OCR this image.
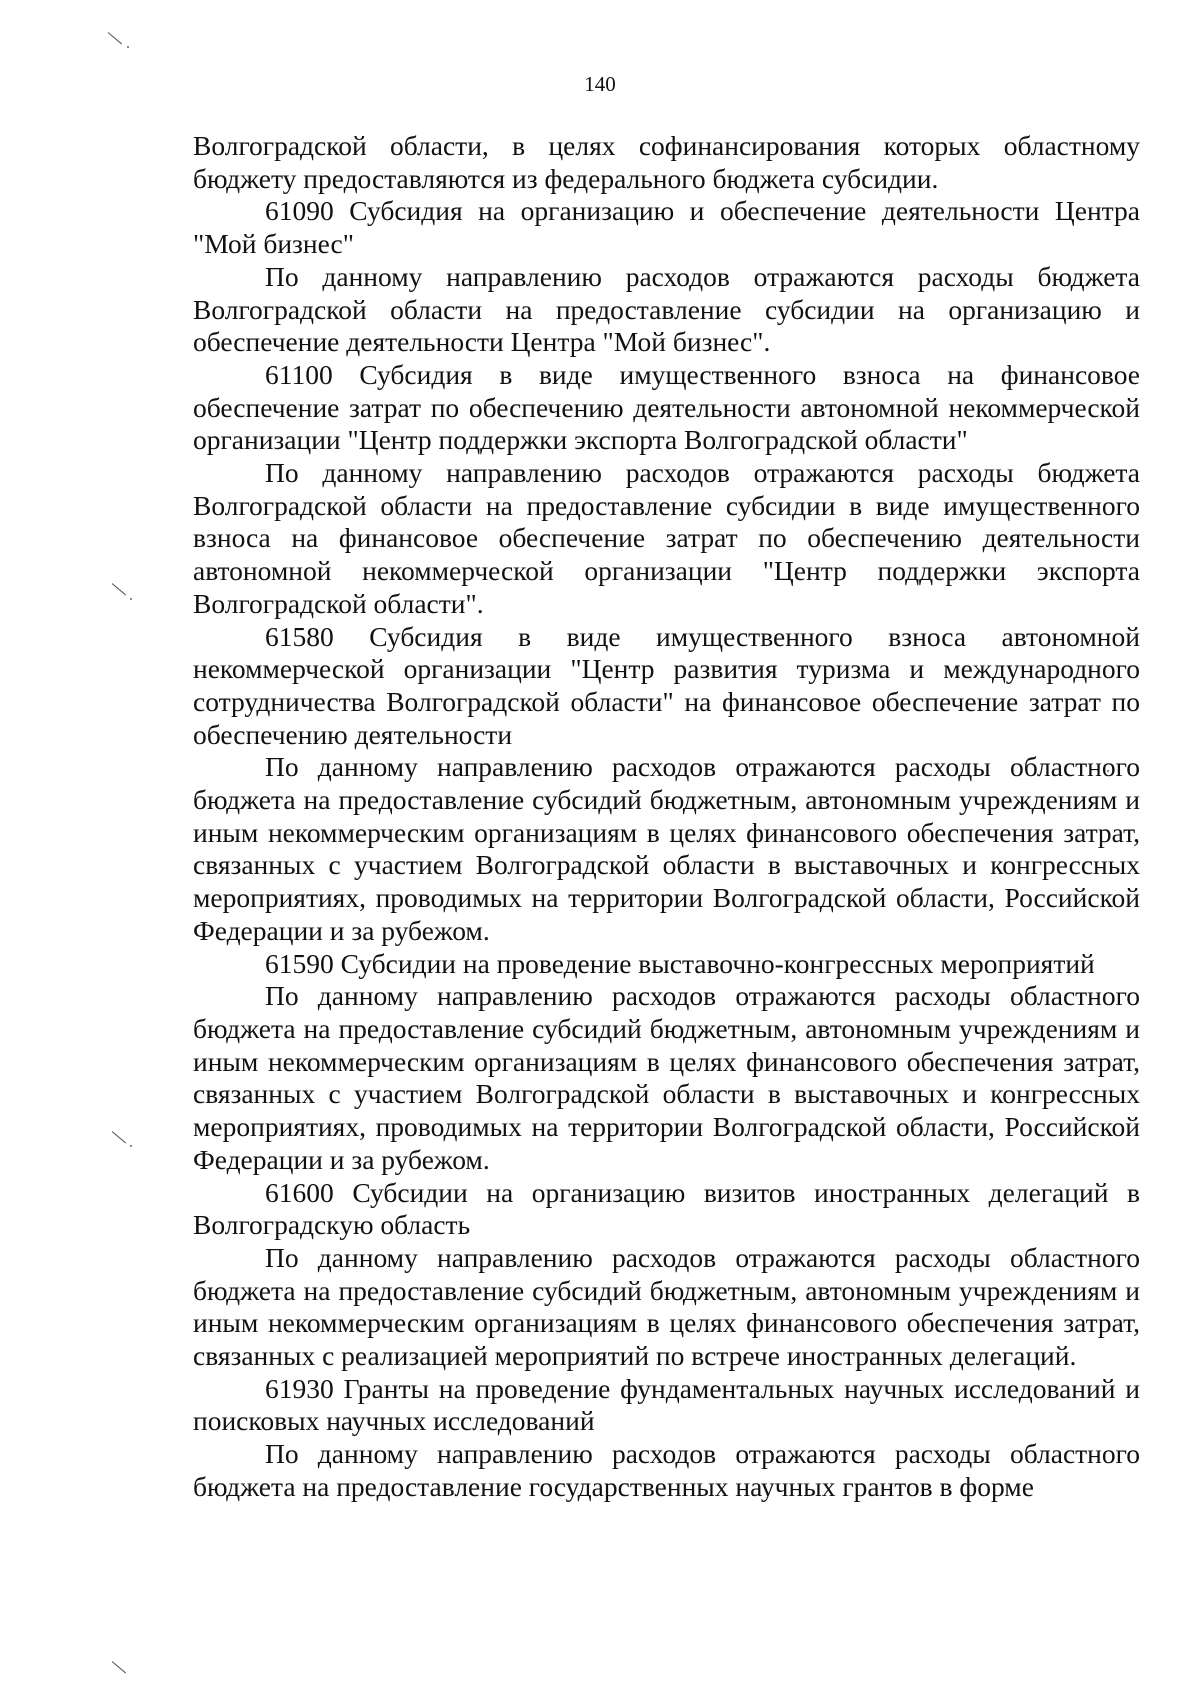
140

Волгоградской области, в целях софинансирования которых областному бюджету предоставляются из федерального бюджета субсидии.

61090 Субсидия на организацию и обеспечение деятельности Центра "Мой бизнес"

По данному направлению расходов отражаются расходы бюджета Волгоградской области на предоставление субсидии на организацию и обеспечение деятельности Центра "Мой бизнес".

61100 Субсидия в виде имущественного взноса на финансовое обеспечение затрат по обеспечению деятельности автономной некоммерческой организации "Центр поддержки экспорта Волгоградской области"

По данному направлению расходов отражаются расходы бюджета Волгоградской области на предоставление субсидии в виде имущественного взноса на финансовое обеспечение затрат по обеспечению деятельности автономной некоммерческой организации "Центр поддержки экспорта Волгоградской области".

61580 Субсидия в виде имущественного взноса автономной некоммерческой организации "Центр развития туризма и международного сотрудничества Волгоградской области" на финансовое обеспечение затрат по обеспечению деятельности

По данному направлению расходов отражаются расходы областного бюджета на предоставление субсидий бюджетным, автономным учреждениям и иным некоммерческим организациям в целях финансового обеспечения затрат, связанных с участием Волгоградской области в выставочных и конгрессных мероприятиях, проводимых на территории Волгоградской области, Российской Федерации и за рубежом.

61590 Субсидии на проведение выставочно-конгрессных мероприятий

По данному направлению расходов отражаются расходы областного бюджета на предоставление субсидий бюджетным, автономным учреждениям и иным некоммерческим организациям в целях финансового обеспечения затрат, связанных с участием Волгоградской области в выставочных и конгрессных мероприятиях, проводимых на территории Волгоградской области, Российской Федерации и за рубежом.

61600 Субсидии на организацию визитов иностранных делегаций в Волгоградскую область

По данному направлению расходов отражаются расходы областного бюджета на предоставление субсидий бюджетным, автономным учреждениям и иным некоммерческим организациям в целях финансового обеспечения затрат, связанных с реализацией мероприятий по встрече иностранных делегаций.

61930 Гранты на проведение фундаментальных научных исследований и поисковых научных исследований

По данному направлению расходов отражаются расходы областного бюджета на предоставление государственных научных грантов в форме
